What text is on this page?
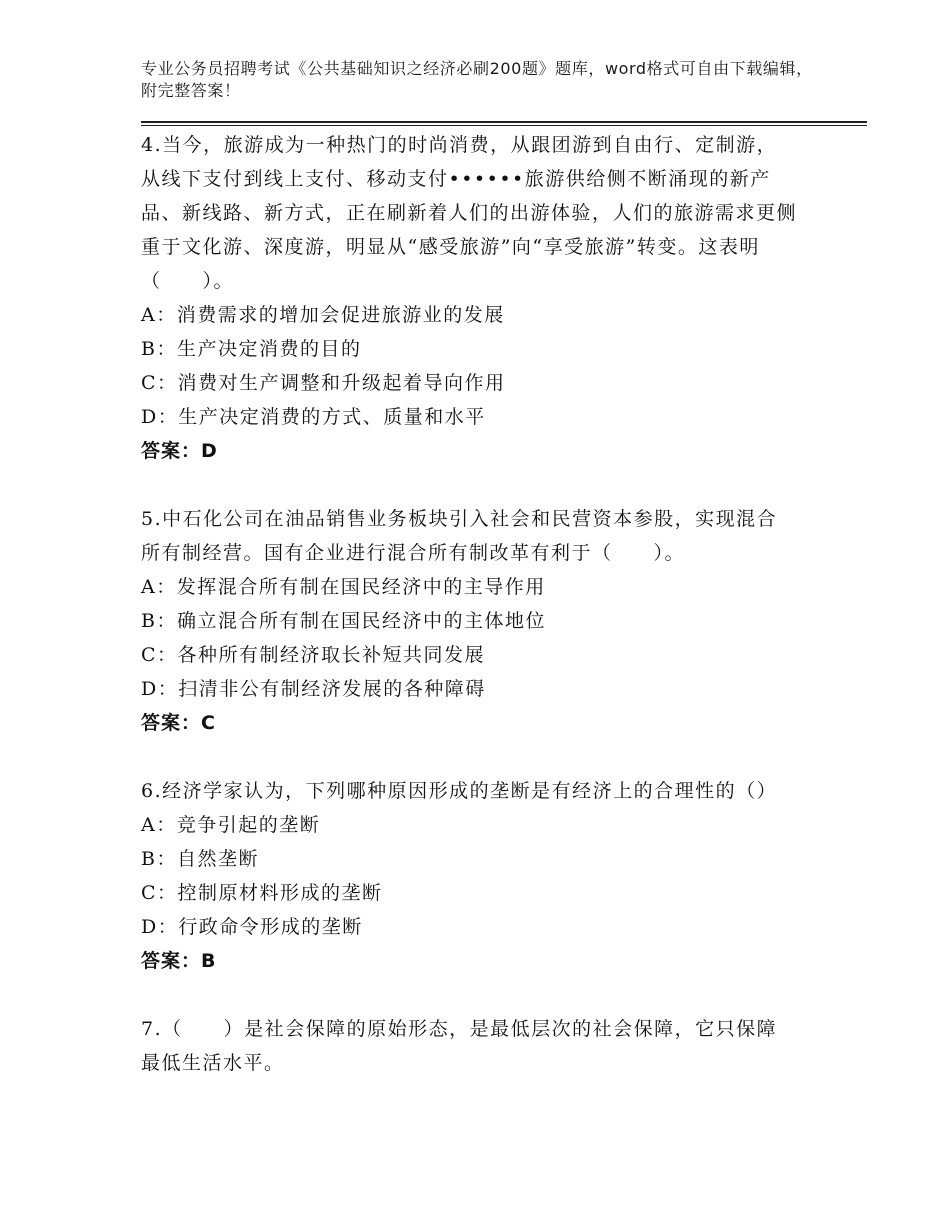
专业公务员招聘考试《公共基础知识之经济必刷200题》题库，word格式可自由下载编辑，附完整答案！

4.当今，旅游成为一种热门的时尚消费，从跟团游到自由行、定制游，从线下支付到线上支付、移动支付••••••旅游供给侧不断涌现的新产品、新线路、新方式，正在刷新着人们的出游体验，人们的旅游需求更侧重于文化游、深度游，明显从“感受旅游”向“享受旅游”转变。这表明（　　）。

A：消费需求的增加会促进旅游业的发展

B：生产决定消费的目的

C：消费对生产调整和升级起着导向作用

D：生产决定消费的方式、质量和水平

答案：D

5.中石化公司在油品销售业务板块引入社会和民营资本参股，实现混合所有制经营。国有企业进行混合所有制改革有利于（　　）。

A：发挥混合所有制在国民经济中的主导作用

B：确立混合所有制在国民经济中的主体地位

C：各种所有制经济取长补短共同发展

D：扫清非公有制经济发展的各种障碍

答案：C

6.经济学家认为，下列哪种原因形成的垄断是有经济上的合理性的（）

A：竞争引起的垄断

B：自然垄断

C：控制原材料形成的垄断

D：行政命令形成的垄断

答案：B

7.（　　）是社会保障的原始形态，是最低层次的社会保障，它只保障最低生活水平。
